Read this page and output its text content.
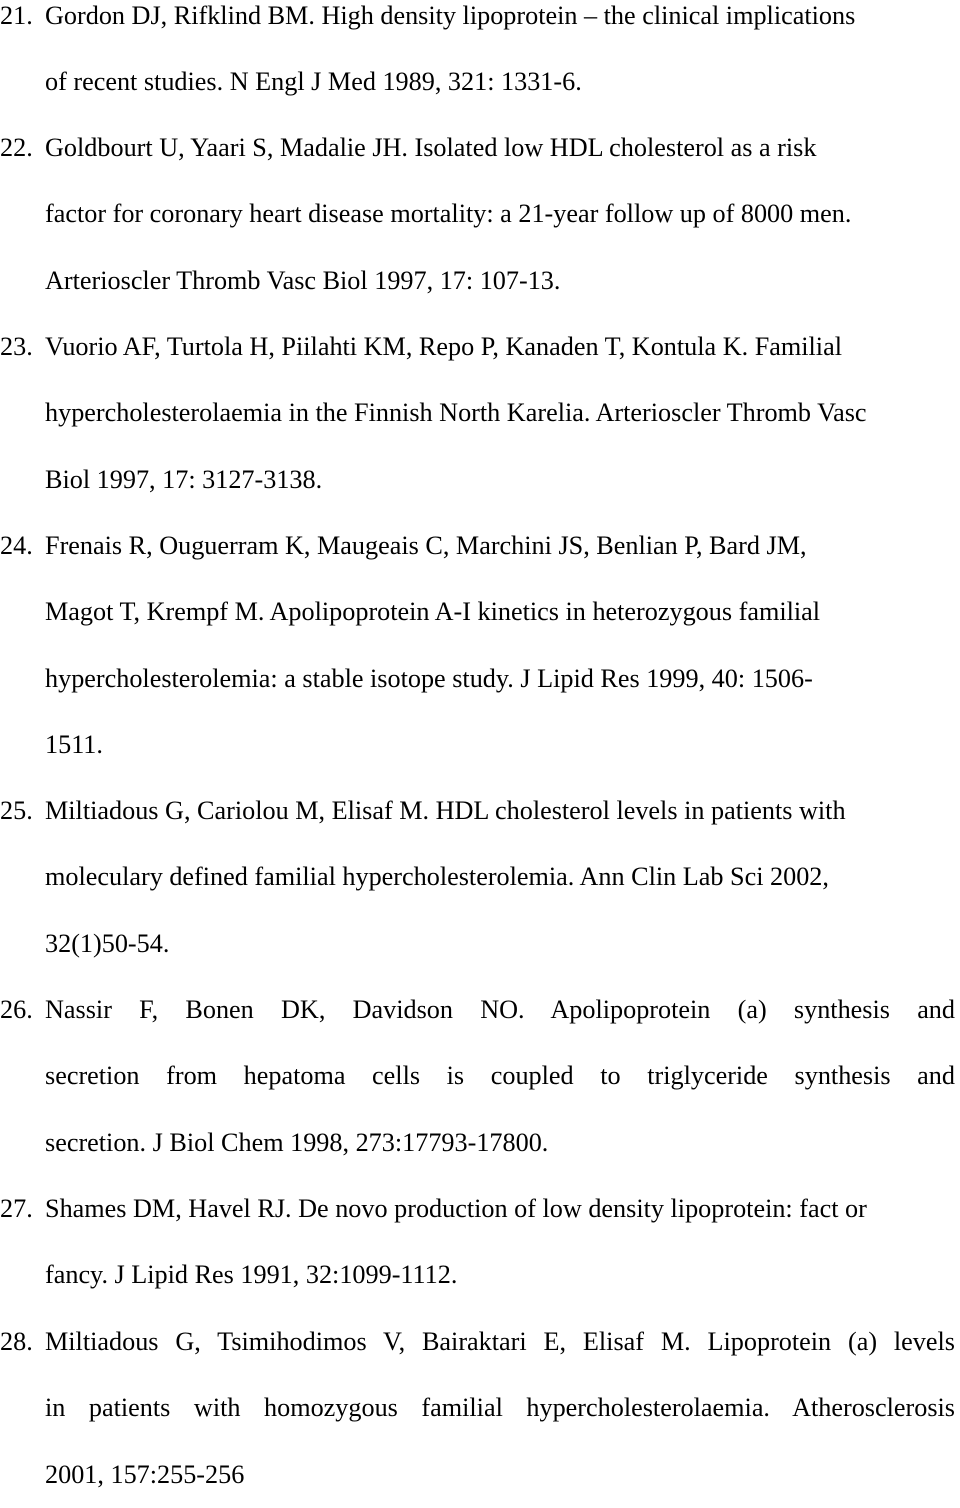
21. Gordon DJ, Rifklind BM. High density lipoprotein – the clinical implications
of recent studies. N Engl J Med 1989, 321: 1331-6.
22. Goldbourt U, Yaari S, Madalie JH. Isolated low HDL cholesterol as a risk
factor for coronary heart disease mortality: a 21-year follow up of 8000 men.
Arterioscler Thromb Vasc Biol 1997, 17: 107-13.
23. Vuorio AF, Turtola H, Piilahti KM, Repo P, Kanaden T, Kontula K. Familial
hypercholesterolaemia in the Finnish North Karelia. Arterioscler Thromb Vasc
Biol 1997, 17: 3127-3138.
24. Frenais R, Ouguerram K, Maugeais C, Marchini JS, Benlian P, Bard JM,
Magot T, Krempf M. Apolipoprotein A-I kinetics in heterozygous familial
hypercholesterolemia: a stable isotope study. J Lipid Res 1999, 40: 1506-
1511.
25. Miltiadous G, Cariolou M, Elisaf M. HDL cholesterol levels in patients with
moleculary defined familial hypercholesterolemia. Ann Clin Lab Sci 2002,
32(1)50-54.
26. Nassir F, Bonen DK, Davidson NO. Apolipoprotein (a) synthesis and
secretion from hepatoma cells is coupled to triglyceride synthesis and
secretion. J Biol Chem 1998, 273:17793-17800.
27. Shames DM, Havel RJ. De novo production of low density lipoprotein: fact or
fancy. J Lipid Res 1991, 32:1099-1112.
28. Miltiadous G, Tsimihodimos V, Bairaktari E, Elisaf M. Lipoprotein (a) levels
in patients with homozygous familial hypercholesterolaemia. Atherosclerosis
2001, 157:255-256
